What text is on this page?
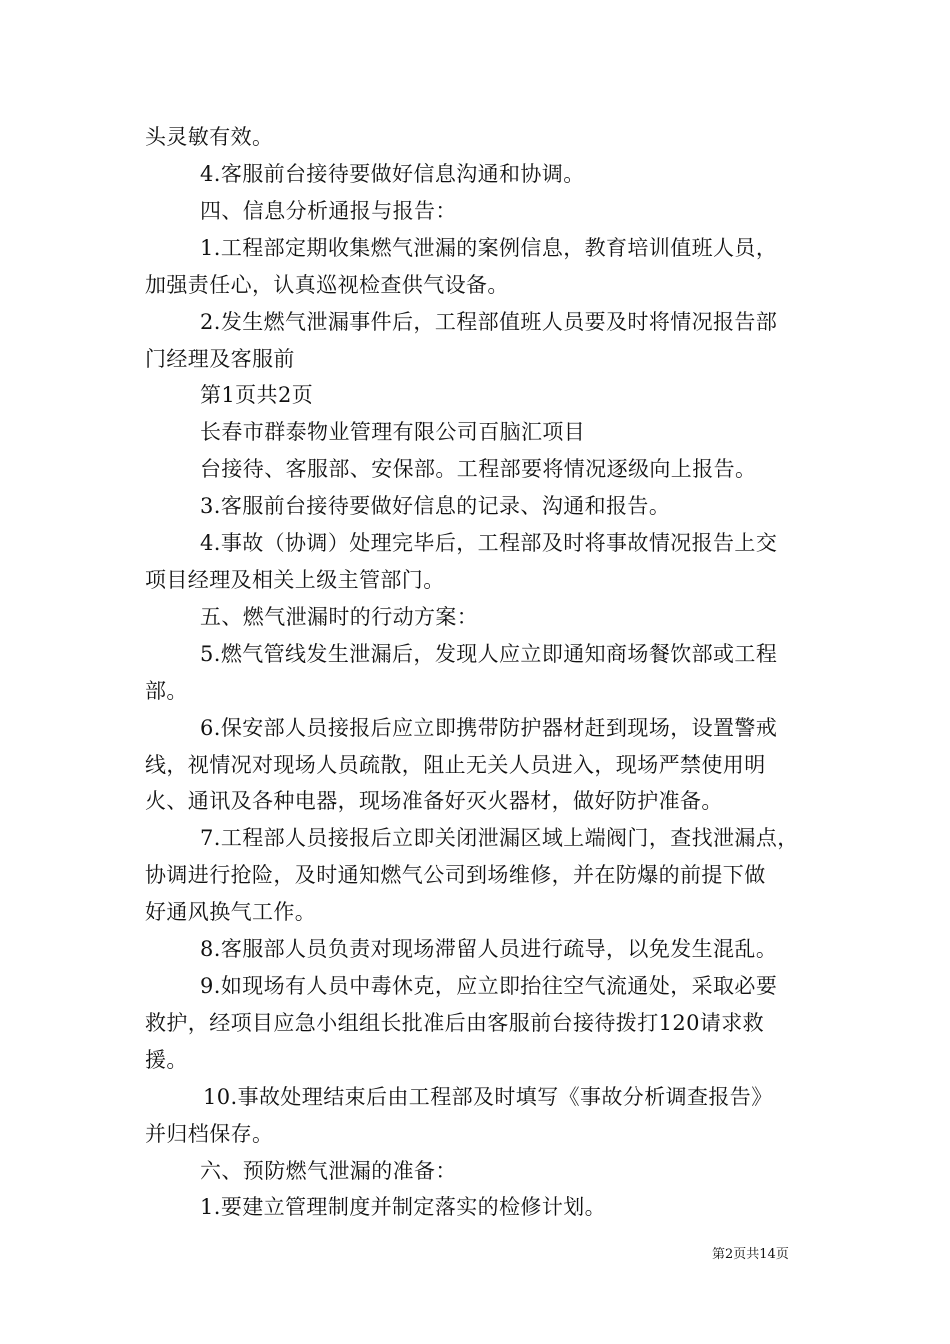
头灵敏有效。
4.客服前台接待要做好信息沟通和协调。
四、信息分析通报与报告：
1.工程部定期收集燃气泄漏的案例信息，教育培训值班人员，
加强责任心，认真巡视检查供气设备。
2.发生燃气泄漏事件后，工程部值班人员要及时将情况报告部
门经理及客服前
第1页共2页
长春市群泰物业管理有限公司百脑汇项目
台接待、客服部、安保部。工程部要将情况逐级向上报告。
3.客服前台接待要做好信息的记录、沟通和报告。
4.事故（协调）处理完毕后，工程部及时将事故情况报告上交
项目经理及相关上级主管部门。
五、燃气泄漏时的行动方案：
5.燃气管线发生泄漏后，发现人应立即通知商场餐饮部或工程
部。
6.保安部人员接报后应立即携带防护器材赶到现场，设置警戒
线，视情况对现场人员疏散，阻止无关人员进入，现场严禁使用明
火、通讯及各种电器，现场准备好灭火器材，做好防护准备。
7.工程部人员接报后立即关闭泄漏区域上端阀门，查找泄漏点，
协调进行抢险，及时通知燃气公司到场维修，并在防爆的前提下做
好通风换气工作。
8.客服部人员负责对现场滞留人员进行疏导，以免发生混乱。
9.如现场有人员中毒休克，应立即抬往空气流通处，采取必要
救护，经项目应急小组组长批准后由客服前台接待拨打120请求救
援。
10.事故处理结束后由工程部及时填写《事故分析调查报告》
并归档保存。
六、预防燃气泄漏的准备：
1.要建立管理制度并制定落实的检修计划。
第2页共14页
